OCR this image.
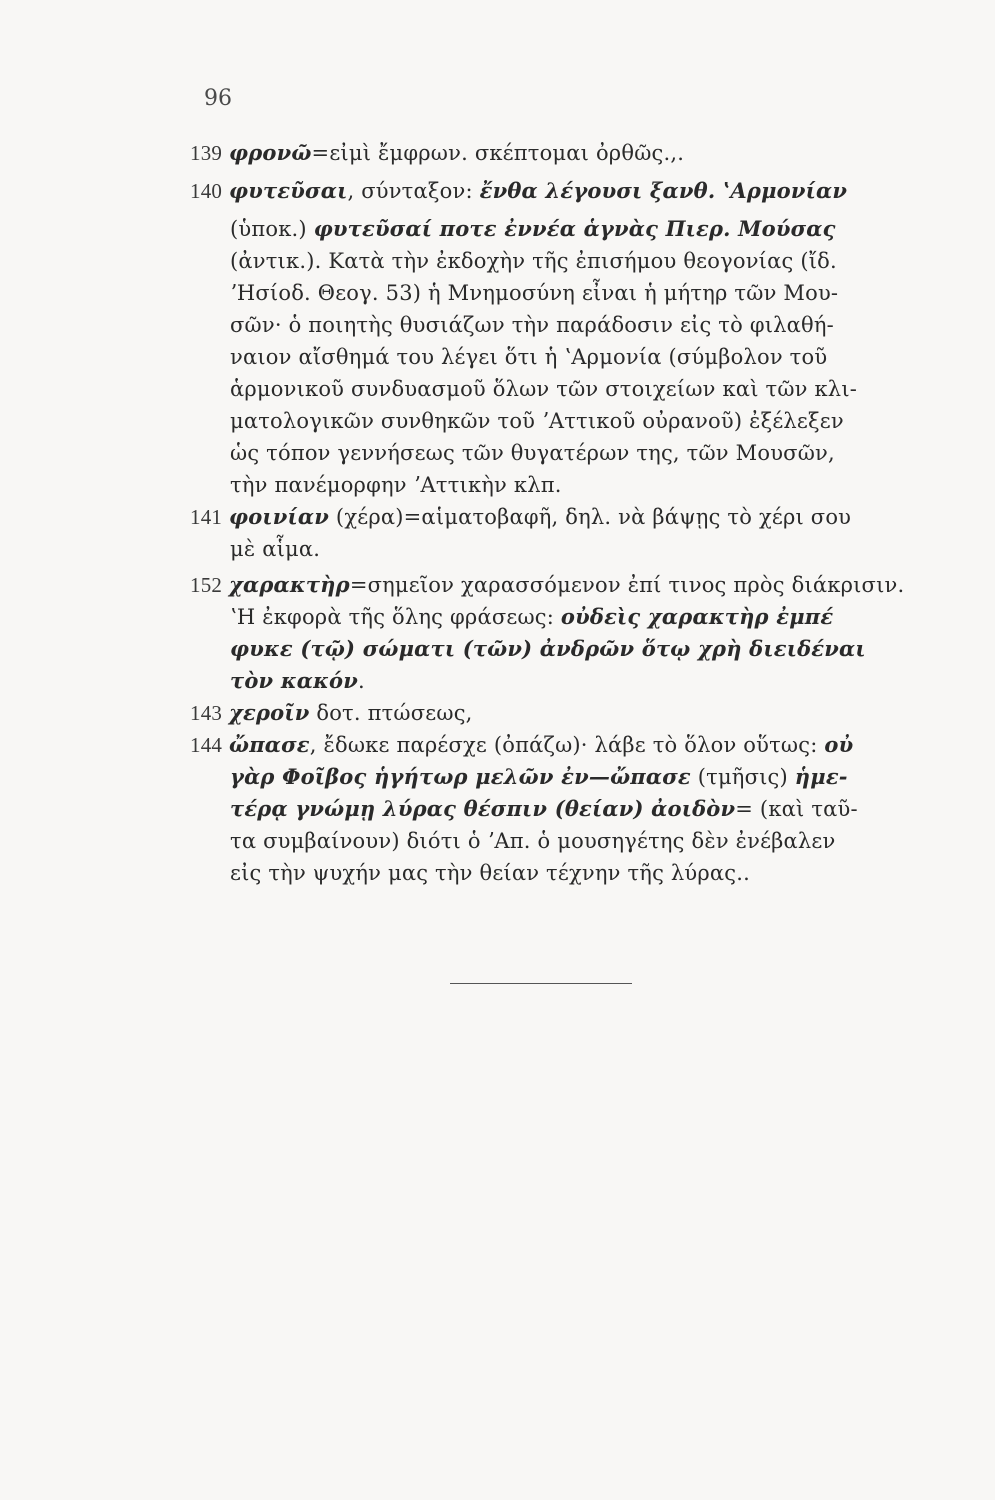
96
139 φρονῶ=εἰμὶ ἔμφρων. σκέπτομαι ὀρθῶς.,.
140 φυτεῦσαι, σύνταξον: ἔνθα λέγουσι ξανθ. ʽΑρμονίαν
(ὑποκ.) φυτεῦσαί ποτε ἐννέα ἁγνὰς Πιερ. Μούσας
(ἀντικ.). Κατὰ τὴν ἐκδοχὴν τῆς ἐπισήμου θεογονίας (ἴδ.
ʼΗσίοδ. Θεογ. 53) ἡ Μνημοσύνη εἶναι ἡ μήτηρ τῶν Μου-
σῶν· ὁ ποιητὴς θυσιάζων τὴν παράδοσιν εἰς τὸ φιλαθή-
ναιον αἴσθημά του λέγει ὅτι ἡ ʽΑρμονία (σύμβολον τοῦ
ἁρμονικοῦ συνδυασμοῦ ὅλων τῶν στοιχείων καὶ τῶν κλι-
ματολογικῶν συνθηκῶν τοῦ ʼΑττικοῦ οὐρανοῦ) ἐξέλεξεν
ὡς τόπον γεννήσεως τῶν θυγατέρων της, τῶν Μουσῶν,
τὴν πανέμορφην ʼΑττικὴν κλπ.
141 φοινίαν (χέρα)=αἱματοβαφῆ, δηλ. νὰ βάψῃς τὸ χέρι σου
μὲ αἷμα.
152 χαρακτὴρ=σημεῖον χαρασσόμενον ἐπί τινος πρὸς διάκρισιν.
ʽΗ ἐκφορὰ τῆς ὅλης φράσεως: οὐδεὶς χαρακτὴρ ἐμπέ
φυκε (τῷ) σώματι (τῶν) ἀνδρῶν ὅτῳ χρὴ διειδέναι
τὸν κακόν.
143 χεροῖν δοτ. πτώσεως,
144 ὤπασε, ἔδωκε παρέσχε (ὀπάζω)· λάβε τὸ ὅλον οὕτως: οὐ
γὰρ Φοῖβος ἡγήτωρ μελῶν ἐν—ὤπασε (τμῆσις) ἡμε-
τέρᾳ γνώμῃ λύρας θέσπιν (θείαν) ἀοιδὸν= (καὶ ταῦ-
τα συμβαίνουν) διότι ὁ ʼΑπ. ὁ μουσηγέτης δὲν ἐνέβαλεν
εἰς τὴν ψυχήν μας τὴν θείαν τέχνην τῆς λύρας..
